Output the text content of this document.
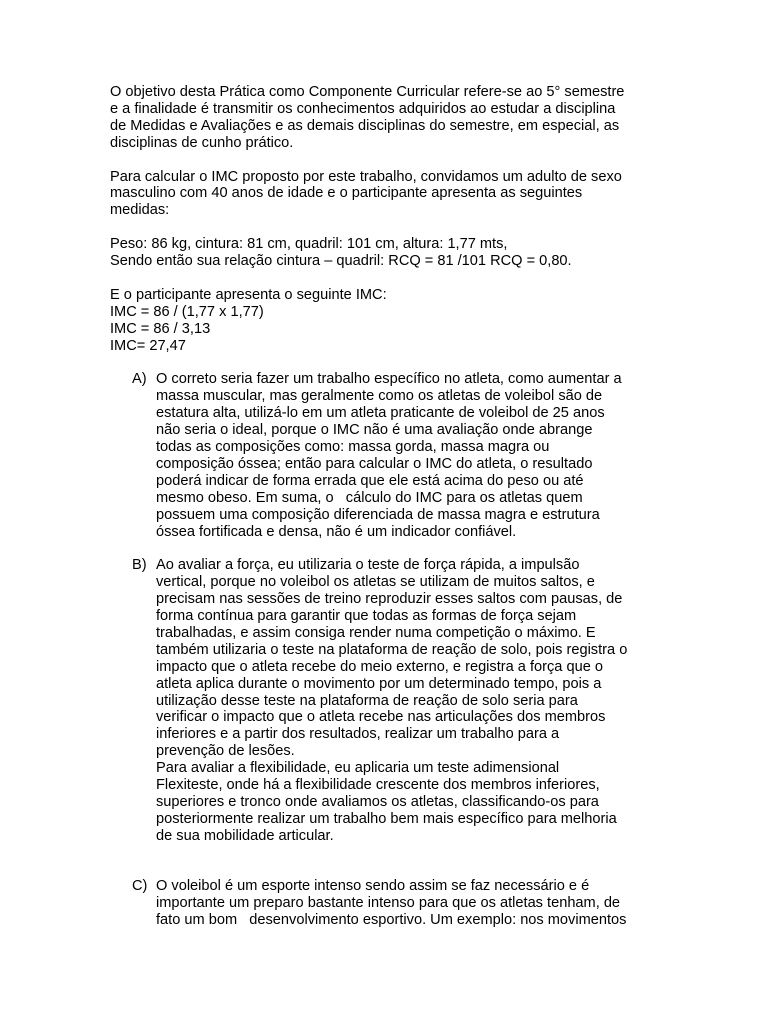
O objetivo desta Prática como Componente Curricular refere-se ao 5° semestre
e a finalidade é transmitir os conhecimentos adquiridos ao estudar a disciplina
de Medidas e Avaliações e as demais disciplinas do semestre, em especial, as
disciplinas de cunho prático.
Para calcular o IMC proposto por este trabalho, convidamos um adulto de sexo
masculino com 40 anos de idade e o participante apresenta as seguintes
medidas:
Peso: 86 kg, cintura: 81 cm, quadril: 101 cm, altura: 1,77 mts,
Sendo então sua relação cintura – quadril: RCQ = 81 /101 RCQ = 0,80.
E o participante apresenta o seguinte IMC:
IMC = 86 / (1,77 x 1,77)
IMC = 86 / 3,13
IMC= 27,47
A) O correto seria fazer um trabalho específico no atleta, como aumentar a
massa muscular, mas geralmente como os atletas de voleibol são de
estatura alta, utilizá-lo em um atleta praticante de voleibol de 25 anos
não seria o ideal, porque o IMC não é uma avaliação onde abrange
todas as composições como: massa gorda, massa magra ou
composição óssea; então para calcular o IMC do atleta, o resultado
poderá indicar de forma errada que ele está acima do peso ou até
mesmo obeso. Em suma, o   cálculo do IMC para os atletas quem
possuem uma composição diferenciada de massa magra e estrutura
óssea fortificada e densa, não é um indicador confiável.
B) Ao avaliar a força, eu utilizaria o teste de força rápida, a impulsão
vertical, porque no voleibol os atletas se utilizam de muitos saltos, e
precisam nas sessões de treino reproduzir esses saltos com pausas, de
forma contínua para garantir que todas as formas de força sejam
trabalhadas, e assim consiga render numa competição o máximo. E
também utilizaria o teste na plataforma de reação de solo, pois registra o
impacto que o atleta recebe do meio externo, e registra a força que o
atleta aplica durante o movimento por um determinado tempo, pois a
utilização desse teste na plataforma de reação de solo seria para
verificar o impacto que o atleta recebe nas articulações dos membros
inferiores e a partir dos resultados, realizar um trabalho para a
prevenção de lesões.
Para avaliar a flexibilidade, eu aplicaria um teste adimensional
Flexiteste, onde há a flexibilidade crescente dos membros inferiores,
superiores e tronco onde avaliamos os atletas, classificando-os para
posteriormente realizar um trabalho bem mais específico para melhoria
de sua mobilidade articular.
C) O voleibol é um esporte intenso sendo assim se faz necessário e é
importante um preparo bastante intenso para que os atletas tenham, de
fato um bom   desenvolvimento esportivo. Um exemplo: nos movimentos
